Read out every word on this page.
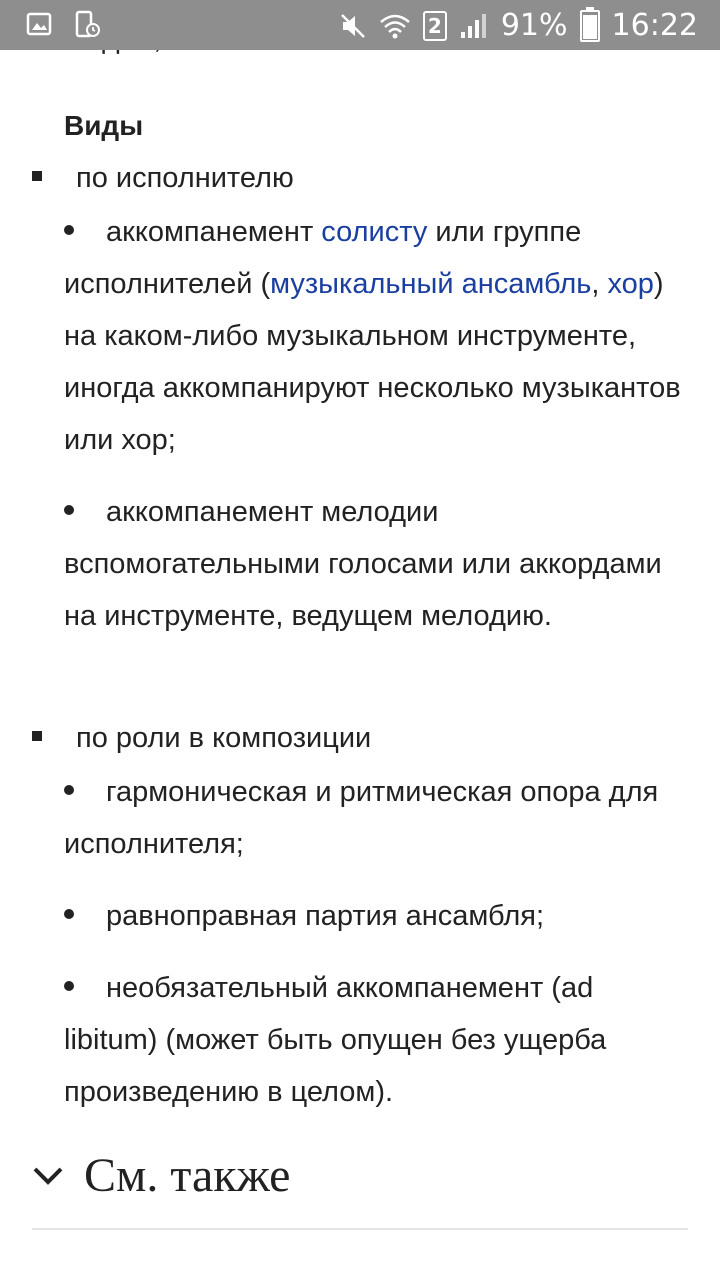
2 91% 16:22
Виды
по исполнителю
аккомпанемент солисту или группе исполнителей (музыкальный ансамбль, хор) на каком-либо музыкальном инструменте, иногда аккомпанируют несколько музыкантов или хор;
аккомпанемент мелодии вспомогательными голосами или аккордами на инструменте, ведущем мелодию.
по роли в композиции
гармоническая и ритмическая опора для исполнителя;
равноправная партия ансамбля;
необязательный аккомпанемент (ad libitum) (может быть опущен без ущерба произведению в целом).
См. также
